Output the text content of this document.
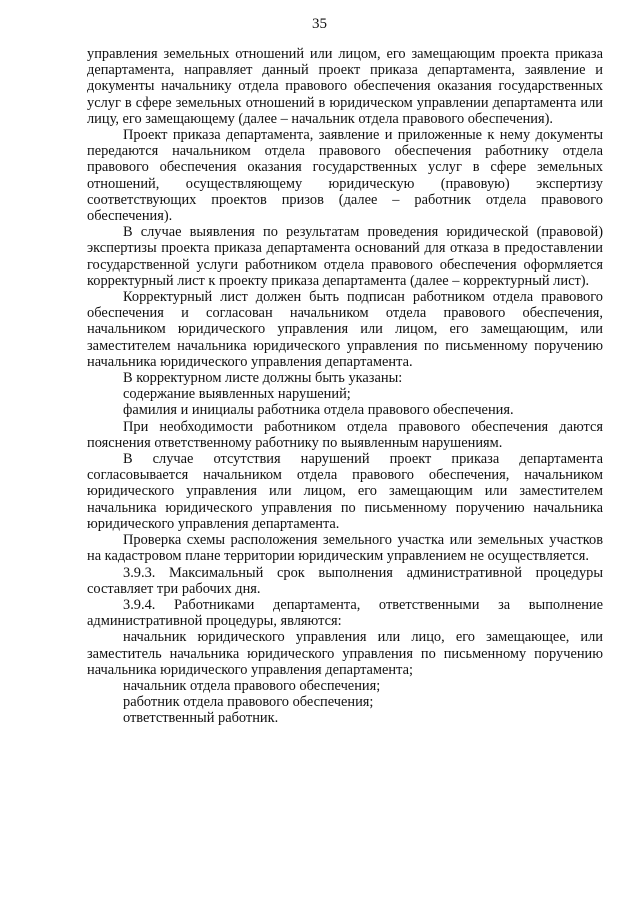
35

управления земельных отношений или лицом, его замещающим проекта приказа департамента, направляет данный проект приказа департамента, заявление и документы начальнику отдела правового обеспечения оказания государственных услуг в сфере земельных отношений в юридическом управлении департамента или лицу, его замещающему (далее – начальник отдела правового обеспечения).

Проект приказа департамента, заявление и приложенные к нему документы передаются начальником отдела правового обеспечения работнику отдела правового обеспечения оказания государственных услуг в сфере земельных отношений, осуществляющему юридическую (правовую) экспертизу соответствующих проектов призов (далее – работник отдела правового обеспечения).

В случае выявления по результатам проведения юридической (правовой) экспертизы проекта приказа департамента оснований для отказа в предоставлении государственной услуги работником отдела правового обеспечения оформляется корректурный лист к проекту приказа департамента (далее – корректурный лист).

Корректурный лист должен быть подписан работником отдела правового обеспечения и согласован начальником отдела правового обеспечения, начальником юридического управления или лицом, его замещающим, или заместителем начальника юридического управления по письменному поручению начальника юридического управления департамента.

В корректурном листе должны быть указаны:

содержание выявленных нарушений;

фамилия и инициалы работника отдела правового обеспечения.

При необходимости работником отдела правового обеспечения даются пояснения ответственному работнику по выявленным нарушениям.

В случае отсутствия нарушений проект приказа департамента согласовывается начальником отдела правового обеспечения, начальником юридического управления или лицом, его замещающим или заместителем начальника юридического управления по письменному поручению начальника юридического управления департамента.

Проверка схемы расположения земельного участка или земельных участков на кадастровом плане территории юридическим управлением не осуществляется.

3.9.3. Максимальный срок выполнения административной процедуры составляет три рабочих дня.

3.9.4. Работниками департамента, ответственными за выполнение административной процедуры, являются:

начальник юридического управления или лицо, его замещающее, или заместитель начальника юридического управления по письменному поручению начальника юридического управления департамента;

начальник отдела правового обеспечения;

работник отдела правового обеспечения;

ответственный работник.
